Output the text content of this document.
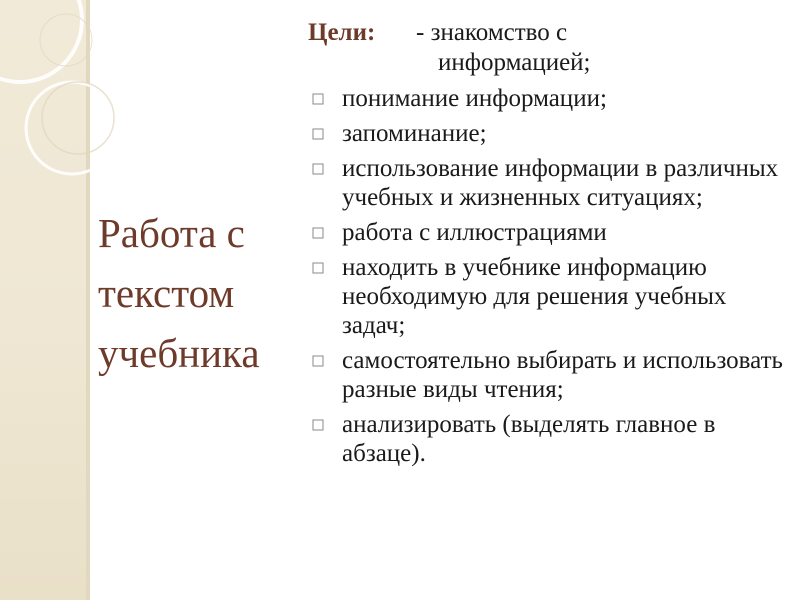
Работа с
текстом
учебника
Цели:	- знакомство с
информацией;
понимание информации;
запоминание;
использование информации в различных учебных и жизненных ситуациях;
работа с иллюстрациями
находить в учебнике информацию необходимую для решения учебных задач;
самостоятельно выбирать и использовать разные виды чтения;
анализировать (выделять главное в абзаце).
